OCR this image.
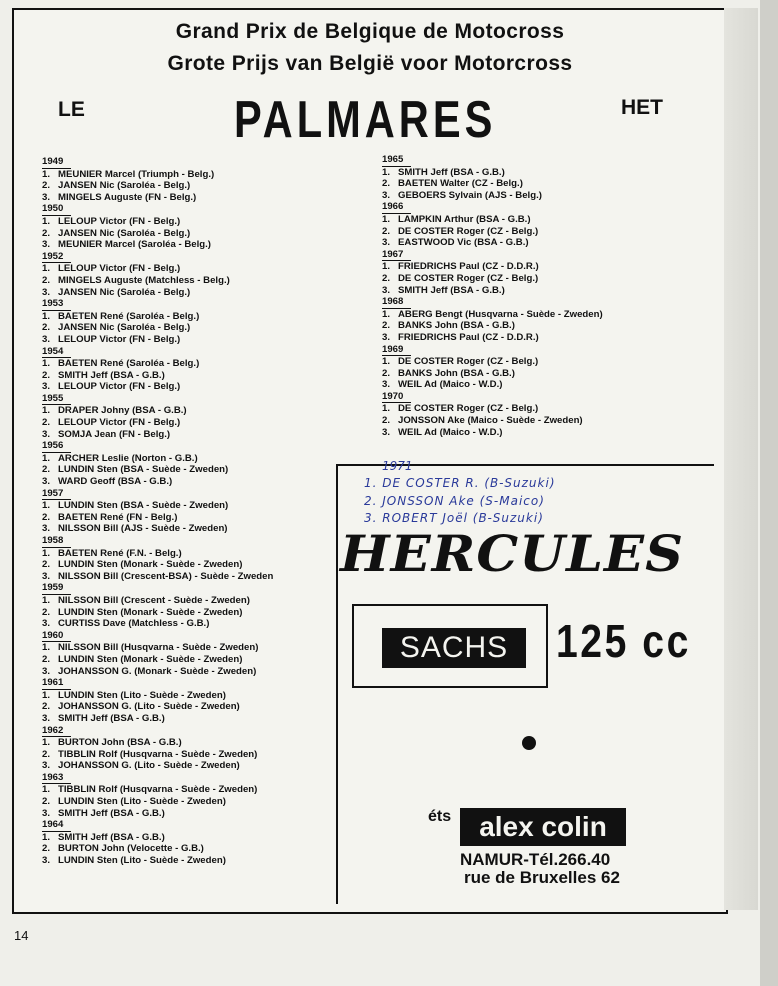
Grand Prix de Belgique de Motocross
Grote Prijs van België voor Motorcross
LE	PALMARES	HET
1949
1. MEUNIER Marcel (Triumph - Belg.)
2. JANSEN Nic (Saroléa - Belg.)
3. MINGELS Auguste (FN - Belg.)
1950
1. LELOUP Victor (FN - Belg.)
2. JANSEN Nic (Saroléa - Belg.)
3. MEUNIER Marcel (Saroléa - Belg.)
1952
1. LELOUP Victor (FN - Belg.)
2. MINGELS Auguste (Matchless - Belg.)
3. JANSEN Nic (Saroléa - Belg.)
1953
1. BAETEN René (Saroléa - Belg.)
2. JANSEN Nic (Saroléa - Belg.)
3. LELOUP Victor (FN - Belg.)
1954
1. BAETEN René (Saroléa - Belg.)
2. SMITH Jeff (BSA - G.B.)
3. LELOUP Victor (FN - Belg.)
1955
1. DRAPER Johny (BSA - G.B.)
2. LELOUP Victor (FN - Belg.)
3. SOMJA Jean (FN - Belg.)
1956
1. ARCHER Leslie (Norton - G.B.)
2. LUNDIN Sten (BSA - Suède - Zweden)
3. WARD Geoff (BSA - G.B.)
1957
1. LUNDIN Sten (BSA - Suède - Zweden)
2. BAETEN René (FN - Belg.)
3. NILSSON Bill (AJS - Suède - Zweden)
1958
1. BAETEN René (F.N. - Belg.)
2. LUNDIN Sten (Monark - Suède - Zweden)
3. NILSSON Bill (Crescent-BSA) - Suède - Zweden
1959
1. NILSSON Bill (Crescent - Suède - Zweden)
2. LUNDIN Sten (Monark - Suède - Zweden)
3. CURTISS Dave (Matchless - G.B.)
1960
1. NILSSON Bill (Husqvarna - Suède - Zweden)
2. LUNDIN Sten (Monark - Suède - Zweden)
3. JOHANSSON G. (Monark - Suède - Zweden)
1961
1. LUNDIN Sten (Lito - Suède - Zweden)
2. JOHANSSON G. (Lito - Suède - Zweden)
3. SMITH Jeff (BSA - G.B.)
1962
1. BURTON John (BSA - G.B.)
2. TIBBLIN Rolf (Husqvarna - Suède - Zweden)
3. JOHANSSON G. (Lito - Suède - Zweden)
1963
1. TIBBLIN Rolf (Husqvarna - Suède - Zweden)
2. LUNDIN Sten (Lito - Suède - Zweden)
3. SMITH Jeff (BSA - G.B.)
1964
1. SMITH Jeff (BSA - G.B.)
2. BURTON John (Velocette - G.B.)
3. LUNDIN Sten (Lito - Suède - Zweden)
1965
1. SMITH Jeff (BSA - G.B.)
2. BAETEN Walter (CZ - Belg.)
3. GEBOERS Sylvain (AJS - Belg.)
1966
1. LAMPKIN Arthur (BSA - G.B.)
2. DE COSTER Roger (CZ - Belg.)
3. EASTWOOD Vic (BSA - G.B.)
1967
1. FRIEDRICHS Paul (CZ - D.D.R.)
2. DE COSTER Roger (CZ - Belg.)
3. SMITH Jeff (BSA - G.B.)
1968
1. ABERG Bengt (Husqvarna - Suède - Zweden)
2. BANKS John (BSA - G.B.)
3. FRIEDRICHS Paul (CZ - D.D.R.)
1969
1. DE COSTER Roger (CZ - Belg.)
2. BANKS John (BSA - G.B.)
3. WEIL Ad (Maico - W.D.)
1970
1. DE COSTER Roger (CZ - Belg.)
2. JONSSON Ake (Maico - Suède - Zweden)
3. WEIL Ad (Maico - W.D.)
1971
1. DE COSTER R. (B-Suzuki)
2. JONSSON Ake (S-Maico)
3. ROBERT Joël (B-Suzuki)
HERCULES
SACHS	125 cc
éts	alex colin
NAMUR-Tél.266.40
rue de Bruxelles 62
14
